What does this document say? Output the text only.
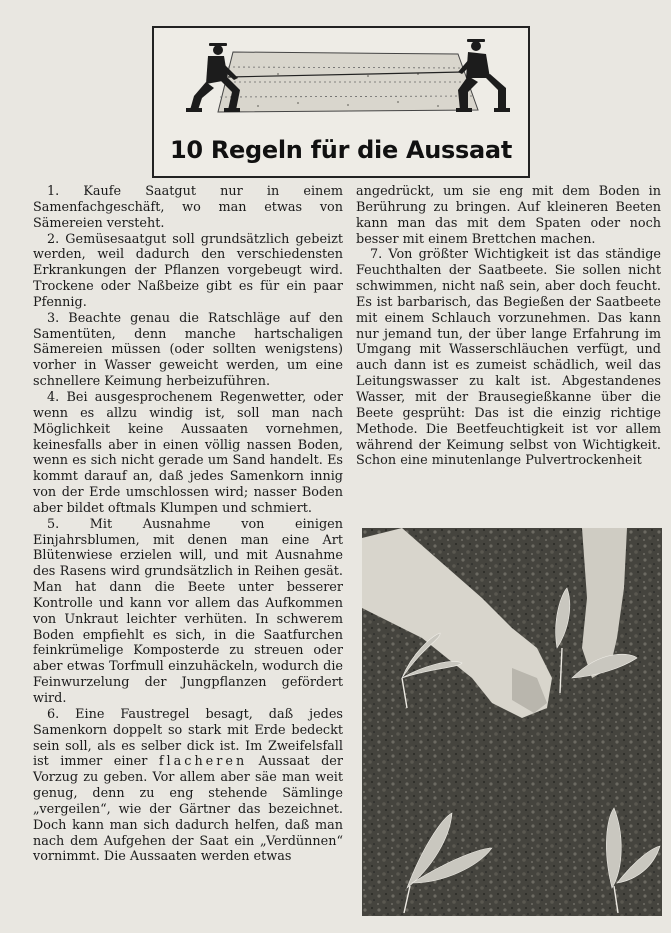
10 Regeln für die Aussaat

1. Kaufe Saatgut nur in einem Samenfachgeschäft, wo man etwas von Sämereien versteht.

2. Gemüsesaatgut soll grundsätzlich gebeizt werden, weil dadurch den verschiedensten Erkrankungen der Pflanzen vorgebeugt wird. Trockene oder Naßbeize gibt es für ein paar Pfennig.

3. Beachte genau die Ratschläge auf den Samentüten, denn manche hartschaligen Sämereien müssen (oder sollten wenigstens) vorher in Wasser geweicht werden, um eine schnellere Keimung herbeizuführen.

4. Bei ausgesprochenem Regenwetter, oder wenn es allzu windig ist, soll man nach Möglichkeit keine Aussaaten vornehmen, keinesfalls aber in einen völlig nassen Boden, wenn es sich nicht gerade um Sand handelt. Es kommt darauf an, daß jedes Samenkorn innig von der Erde umschlossen wird; nasser Boden aber bildet oftmals Klumpen und schmiert.

5. Mit Ausnahme von einigen Einjahrsblumen, mit denen man eine Art Blütenwiese erzielen will, und mit Ausnahme des Rasens wird grundsätzlich in Reihen gesät. Man hat dann die Beete unter besserer Kontrolle und kann vor allem das Aufkommen von Unkraut leichter verhüten. In schwerem Boden empfiehlt es sich, in die Saatfurchen feinkrümelige Komposterde zu streuen oder aber etwas Torfmull einzuhäckeln, wodurch die Feinwurzelung der Jungpflanzen gefördert wird.

6. Eine Faustregel besagt, daß jedes Samenkorn doppelt so stark mit Erde bedeckt sein soll, als es selber dick ist. Im Zweifelsfall ist immer einer flacheren Aussaat der Vorzug zu geben. Vor allem aber säe man weit genug, denn zu eng stehende Sämlinge „vergeilen“, wie der Gärtner das bezeichnet. Doch kann man sich dadurch helfen, daß man nach dem Aufgehen der Saat ein „Verdünnen“ vornimmt. Die Aussaaten werden etwas

angedrückt, um sie eng mit dem Boden in Berührung zu bringen. Auf kleineren Beeten kann man das mit dem Spaten oder noch besser mit einem Brettchen machen.

7. Von größter Wichtigkeit ist das ständige Feuchthalten der Saatbeete. Sie sollen nicht schwimmen, nicht naß sein, aber doch feucht. Es ist barbarisch, das Begießen der Saatbeete mit einem Schlauch vorzunehmen. Das kann nur jemand tun, der über lange Erfahrung im Umgang mit Wasserschläuchen verfügt, und auch dann ist es zumeist schädlich, weil das Leitungswasser zu kalt ist. Abgestandenes Wasser, mit der Brausegießkanne über die Beete gesprüht: Das ist die einzig richtige Methode. Die Beetfeuchtigkeit ist vor allem während der Keimung selbst von Wichtigkeit. Schon eine minutenlange Pulvertrockenheit
